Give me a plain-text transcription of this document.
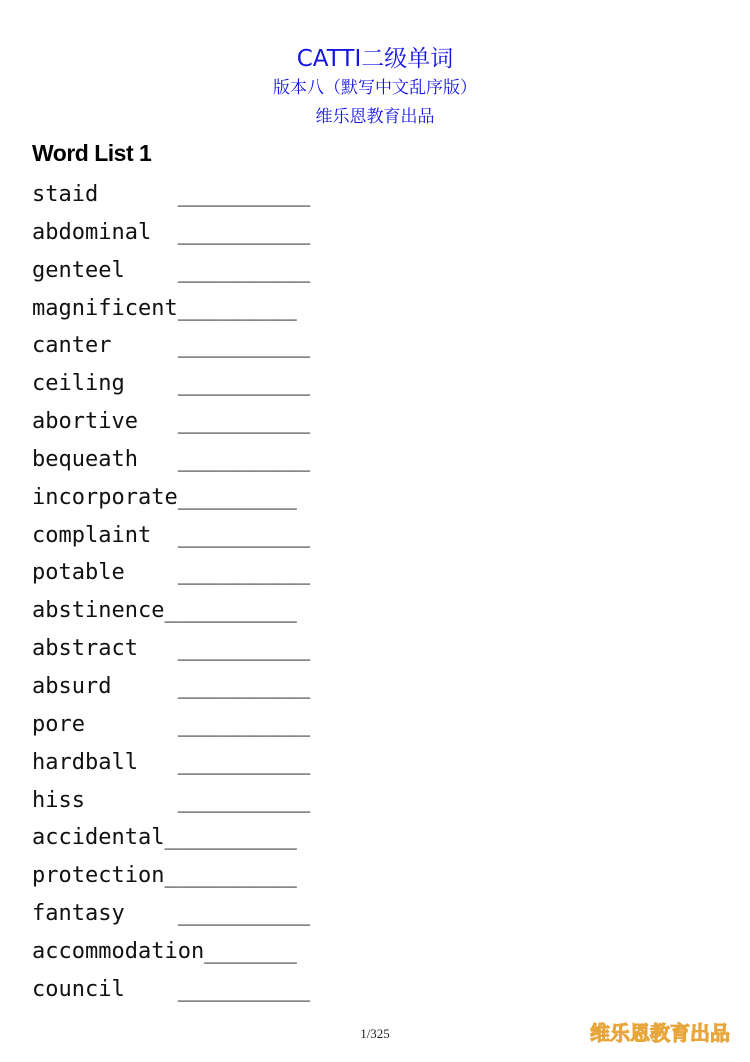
CATTI二级单词
版本八（默写中文乱序版）
维乐恩教育出品
Word List 1
staid      __________
abdominal  __________
genteel    __________
magnificent_________
canter     __________
ceiling    __________
abortive   __________
bequeath   __________
incorporate_________
complaint  __________
potable    __________
abstinence__________
abstract   __________
absurd     __________
pore       __________
hardball   __________
hiss       __________
accidental__________
protection__________
fantasy    __________
accommodation_______
council    __________
1/325	维乐恩教育出品
